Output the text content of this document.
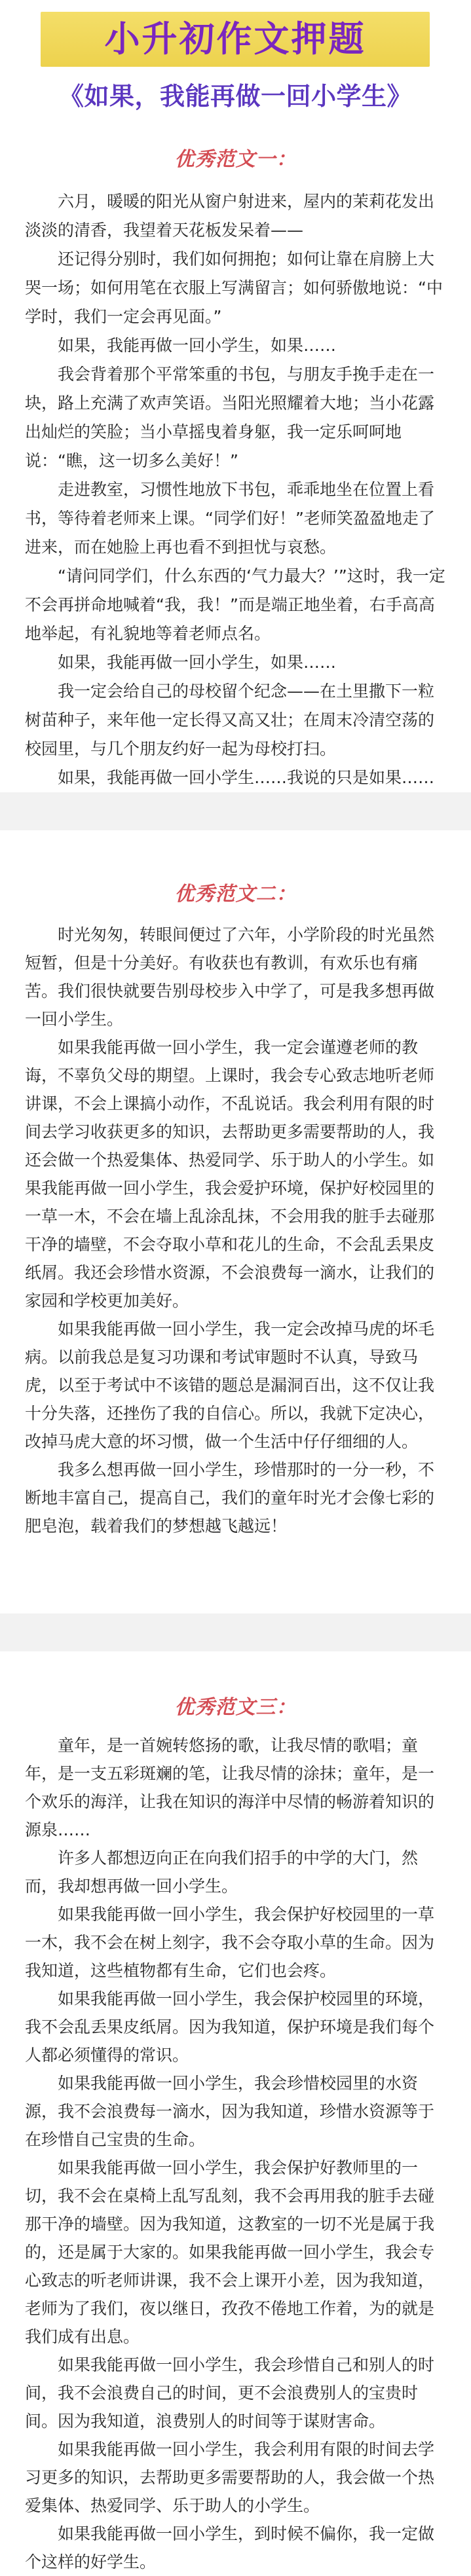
小升初作文押题
《如果，我能再做一回小学生》
优秀范文一：

六月，暖暖的阳光从窗户射进来，屋内的茉莉花发出淡淡的清香，我望着天花板发呆着——

还记得分别时，我们如何拥抱；如何让靠在肩膀上大哭一场；如何用笔在衣服上写满留言；如何骄傲地说：“中学时，我们一定会再见面。”

如果，我能再做一回小学生，如果……

我会背着那个平常笨重的书包，与朋友手挽手走在一块，路上充满了欢声笑语。当阳光照耀着大地；当小花露出灿烂的笑脸；当小草摇曳着身躯，我一定乐呵呵地说：“瞧，这一切多么美好！”

走进教室，习惯性地放下书包，乖乖地坐在位置上看书，等待着老师来上课。“同学们好！”老师笑盈盈地走了进来，而在她脸上再也看不到担忧与哀愁。

“请问同学们，什么东西的‘气力最大？’”这时，我一定不会再拼命地喊着“我，我！”而是端正地坐着，右手高高地举起，有礼貌地等着老师点名。

如果，我能再做一回小学生，如果……

我一定会给自己的母校留个纪念——在土里撒下一粒树苗种子，来年他一定长得又高又壮；在周末冷清空荡的校园里，与几个朋友约好一起为母校打扫。

如果，我能再做一回小学生……我说的只是如果……

优秀范文二：

时光匆匆，转眼间便过了六年，小学阶段的时光虽然短暂，但是十分美好。有收获也有教训，有欢乐也有痛苦。我们很快就要告别母校步入中学了，可是我多想再做一回小学生。

如果我能再做一回小学生，我一定会谨遵老师的教诲，不辜负父母的期望。上课时，我会专心致志地听老师讲课，不会上课搞小动作，不乱说话。我会利用有限的时间去学习收获更多的知识，去帮助更多需要帮助的人，我还会做一个热爱集体、热爱同学、乐于助人的小学生。如果我能再做一回小学生，我会爱护环境，保护好校园里的一草一木，不会在墙上乱涂乱抹，不会用我的脏手去碰那干净的墙壁，不会夺取小草和花儿的生命，不会乱丢果皮纸屑。我还会珍惜水资源，不会浪费每一滴水，让我们的家园和学校更加美好。

如果我能再做一回小学生，我一定会改掉马虎的坏毛病。以前我总是复习功课和考试审题时不认真，导致马虎，以至于考试中不该错的题总是漏洞百出，这不仅让我十分失落，还挫伤了我的自信心。所以，我就下定决心，改掉马虎大意的坏习惯，做一个生活中仔仔细细的人。

我多么想再做一回小学生，珍惜那时的一分一秒，不断地丰富自己，提高自己，我们的童年时光才会像七彩的肥皂泡，载着我们的梦想越飞越远！

优秀范文三：

童年，是一首婉转悠扬的歌，让我尽情的歌唱；童年，是一支五彩斑斓的笔，让我尽情的涂抹；童年，是一个欢乐的海洋，让我在知识的海洋中尽情的畅游着知识的源泉……

许多人都想迈向正在向我们招手的中学的大门，然而，我却想再做一回小学生。

如果我能再做一回小学生，我会保护好校园里的一草一木，我不会在树上刻字，我不会夺取小草的生命。因为我知道，这些植物都有生命，它们也会疼。

如果我能再做一回小学生，我会保护校园里的环境，我不会乱丢果皮纸屑。因为我知道，保护环境是我们每个人都必须懂得的常识。

如果我能再做一回小学生，我会珍惜校园里的水资源，我不会浪费每一滴水，因为我知道，珍惜水资源等于在珍惜自己宝贵的生命。

如果我能再做一回小学生，我会保护好教师里的一切，我不会在桌椅上乱写乱刻，我不会再用我的脏手去碰那干净的墙壁。因为我知道，这教室的一切不光是属于我的，还是属于大家的。如果我能再做一回小学生，我会专心致志的听老师讲课，我不会上课开小差，因为我知道，老师为了我们，夜以继日，孜孜不倦地工作着，为的就是我们成有出息。

如果我能再做一回小学生，我会珍惜自己和别人的时间，我不会浪费自己的时间，更不会浪费别人的宝贵时间。因为我知道，浪费别人的时间等于谋财害命。

如果我能再做一回小学生，我会利用有限的时间去学习更多的知识，去帮助更多需要帮助的人，我会做一个热爱集体、热爱同学、乐于助人的小学生。

如果我能再做一回小学生，到时候不偏你，我一定做个这样的好学生。
